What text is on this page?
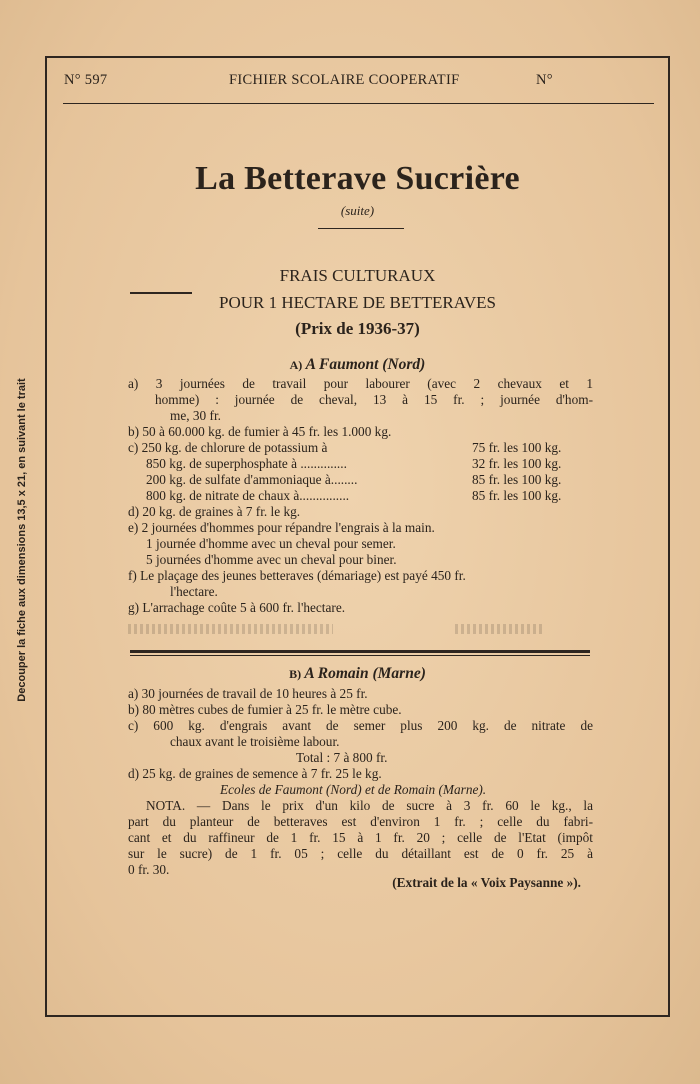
Decouper la fiche aux dimensions 13,5 x 21, en suivant le trait
N° 597	FICHIER SCOLAIRE COOPERATIF	N°
La Betterave Sucrière
(suite)
FRAIS CULTURAUX
POUR 1 HECTARE DE BETTERAVES
(Prix de 1936-37)
A) A Faumont (Nord)
a) 3 journées de travail pour labourer (avec 2 chevaux et 1
homme) : journée de cheval, 13 à 15 fr. ; journée d'hom-
me, 30 fr.
b) 50 à 60.000 kg. de fumier à 45 fr. les 1.000 kg.
c) 250 kg. de chlorure de potassium à	75 fr. les 100 kg.
850 kg. de superphosphate à ..............	32 fr. les 100 kg.
200 kg. de sulfate d'ammoniaque à........	85 fr. les 100 kg.
800 kg. de nitrate de chaux à...............	85 fr. les 100 kg.
d) 20 kg. de graines à 7 fr. le kg.
e) 2 journées d'hommes pour répandre l'engrais à la main.
1 journée d'homme avec un cheval pour semer.
5 journées d'homme avec un cheval pour biner.
f) Le plaçage des jeunes betteraves (démariage) est payé 450 fr.
l'hectare.
g) L'arrachage coûte 5 à 600 fr. l'hectare.
B) A Romain (Marne)
a) 30 journées de travail de 10 heures à 25 fr.
b) 80 mètres cubes de fumier à 25 fr. le mètre cube.
c) 600 kg. d'engrais avant de semer plus 200 kg. de nitrate de
chaux avant le troisième labour.
Total : 7 à 800 fr.
d) 25 kg. de graines de semence à 7 fr. 25 le kg.
Ecoles de Faumont (Nord) et de Romain (Marne).
NOTA. — Dans le prix d'un kilo de sucre à 3 fr. 60 le kg., la
part du planteur de betteraves est d'environ 1 fr. ; celle du fabri-
cant et du raffineur de 1 fr. 15 à 1 fr. 20 ; celle de l'Etat (impôt
sur le sucre) de 1 fr. 05 ; celle du détaillant est de 0 fr. 25 à
0 fr. 30.
(Extrait de la « Voix Paysanne »).
